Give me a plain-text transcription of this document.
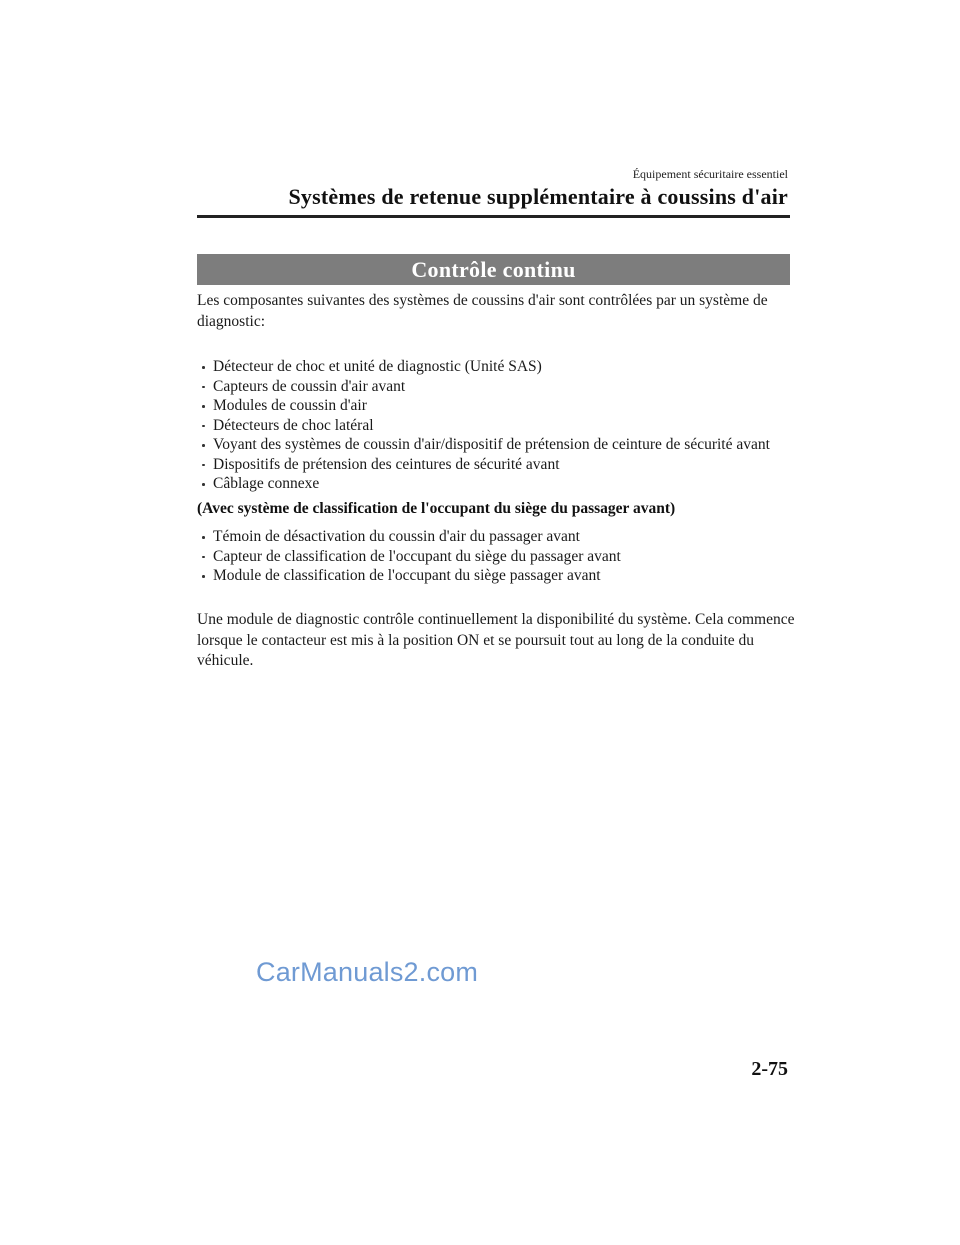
Équipement sécuritaire essentiel
Systèmes de retenue supplémentaire à coussins d'air
Contrôle continu
Les composantes suivantes des systèmes de coussins d'air sont contrôlées par un système de diagnostic:
Détecteur de choc et unité de diagnostic (Unité SAS)
Capteurs de coussin d'air avant
Modules de coussin d'air
Détecteurs de choc latéral
Voyant des systèmes de coussin d'air/dispositif de prétension de ceinture de sécurité avant
Dispositifs de prétension des ceintures de sécurité avant
Câblage connexe
(Avec système de classification de l'occupant du siège du passager avant)
Témoin de désactivation du coussin d'air du passager avant
Capteur de classification de l'occupant du siège du passager avant
Module de classification de l'occupant du siège passager avant
Une module de diagnostic contrôle continuellement la disponibilité du système. Cela commence lorsque le contacteur est mis à la position ON et se poursuit tout au long de la conduite du véhicule.
CarManuals2.com
2-75
